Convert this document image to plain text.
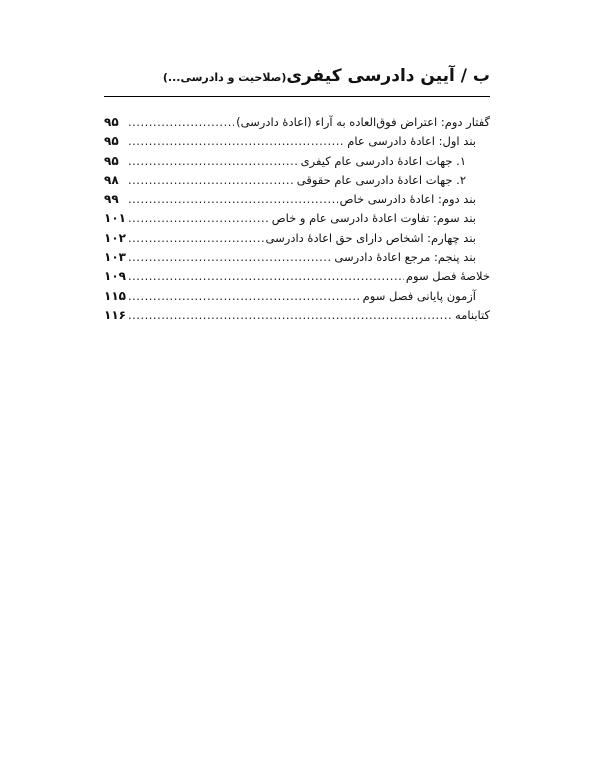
ب / آیین دادرسی کیفری(صلاحیت و دادرسی...)
گفتار دوم: اعتراض فوق‌العاده به آراء (اعادۀ دادرسی)
.....
۹۵
بند اول: اعادۀ دادرسی عام
.....
۹۵
۱. جهات اعادۀ دادرسی عام کیفری
.....
۹۵
۲. جهات اعادۀ دادرسی عام حقوقی
.....
۹۸
بند دوم: اعادۀ دادرسی خاص
.....
۹۹
بند سوم: تفاوت اعادۀ دادرسی عام و خاص
.....
۱۰۱
بند چهارم: اشخاص دارای حق اعادۀ دادرسی
.....
۱۰۲
بند پنجم: مرجع اعادۀ دادرسی
.....
۱۰۳
خلاصۀ فصل سوم
.....
۱۰۹
آزمون پایانی فصل سوم
.....
۱۱۵
کتابنامه
.....
۱۱۶
